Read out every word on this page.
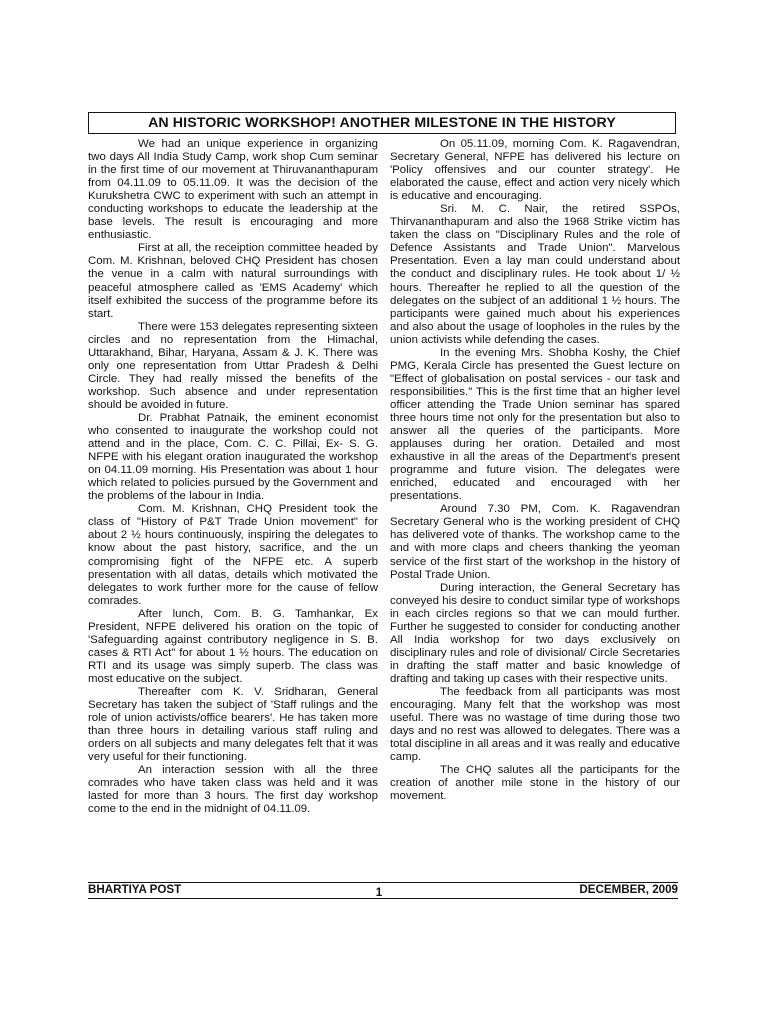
AN HISTORIC WORKSHOP! ANOTHER MILESTONE IN THE HISTORY

We had an unique experience in organizing two days All India Study Camp, work shop Cum seminar in the first time of our movement at Thiruvananthapuram from 04.11.09 to 05.11.09. It was the decision of the Kurukshetra CWC to experiment with such an attempt in conducting workshops to educate the leadership at the base levels. The result is encouraging and more enthusiastic.

First at all, the receiption committee headed by Com. M. Krishnan, beloved CHQ President has chosen the venue in a calm with natural surroundings with peaceful atmosphere called as 'EMS Academy' which itself exhibited the success of the programme before its start.

There were 153 delegates representing sixteen circles and no representation from the Himachal, Uttarakhand, Bihar, Haryana, Assam & J. K. There was only one representation from Uttar Pradesh & Delhi Circle. They had really missed the benefits of the workshop. Such absence and under representation should be avoided in future.

Dr. Prabhat Patnaik, the eminent economist who consented to inaugurate the workshop could not attend and in the place, Com. C. C. Pillai, Ex- S. G. NFPE with his elegant oration inaugurated the workshop on 04.11.09 morning. His Presentation was about 1 hour which related to policies pursued by the Government and the problems of the labour in India.

Com. M. Krishnan, CHQ President took the class of "History of P&T Trade Union movement" for about 2 ½ hours continuously, inspiring the delegates to know about the past history, sacrifice, and the un compromising fight of the NFPE etc. A superb presentation with all datas, details which motivated the delegates to work further more for the cause of fellow comrades.

After lunch, Com. B. G. Tamhankar, Ex President, NFPE delivered his oration on the topic of 'Safeguarding against contributory negligence in S. B. cases & RTI Act" for about 1 ½ hours. The education on RTI and its usage was simply superb. The class was most educative on the subject.

Thereafter com K. V. Sridharan, General Secretary has taken the subject of 'Staff rulings and the role of union activists/office bearers'. He has taken more than three hours in detailing various staff ruling and orders on all subjects and many delegates felt that it was very useful for their functioning.

An interaction session with all the three comrades who have taken class was held and it was lasted for more than 3 hours. The first day workshop come to the end in the midnight of 04.11.09.

On 05.11.09, morning Com. K. Ragavendran, Secretary General, NFPE has delivered his lecture on 'Policy offensives and our counter strategy'. He elaborated the cause, effect and action very nicely which is educative and encouraging.

Sri. M. C. Nair, the retired SSPOs, Thirvananthapuram and also the 1968 Strike victim has taken the class on "Disciplinary Rules and the role of Defence Assistants and Trade Union". Marvelous Presentation. Even a lay man could understand about the conduct and disciplinary rules. He took about 1/ ½ hours. Thereafter he replied to all the question of the delegates on the subject of an additional 1 ½ hours. The participants were gained much about his experiences and also about the usage of loopholes in the rules by the union activists while defending the cases.

In the evening Mrs. Shobha Koshy, the Chief PMG, Kerala Circle has presented the Guest lecture on "Effect of globalisation on postal services - our task and responsibilities." This is the first time that an higher level officer attending the Trade Union seminar has spared three hours time not only for the presentation but also to answer all the queries of the participants. More applauses during her oration. Detailed and most exhaustive in all the areas of the Department's present programme and future vision. The delegates were enriched, educated and encouraged with her presentations.

Around 7.30 PM, Com. K. Ragavendran Secretary General who is the working president of CHQ has delivered vote of thanks. The workshop came to the and with more claps and cheers thanking the yeoman service of the first start of the workshop in the history of Postal Trade Union.

During interaction, the General Secretary has conveyed his desire to conduct similar type of workshops in each circles regions so that we can mould further. Further he suggested to consider for conducting another All India workshop for two days exclusively on disciplinary rules and role of divisional/ Circle Secretaries in drafting the staff matter and basic knowledge of drafting and taking up cases with their respective units.

The feedback from all participants was most encouraging. Many felt that the workshop was most useful. There was no wastage of time during those two days and no rest was allowed to delegates. There was a total discipline in all areas and it was really and educative camp.

The CHQ salutes all the participants for the creation of another mile stone in the history of our movement.

BHARTIYA POST	1	DECEMBER, 2009
